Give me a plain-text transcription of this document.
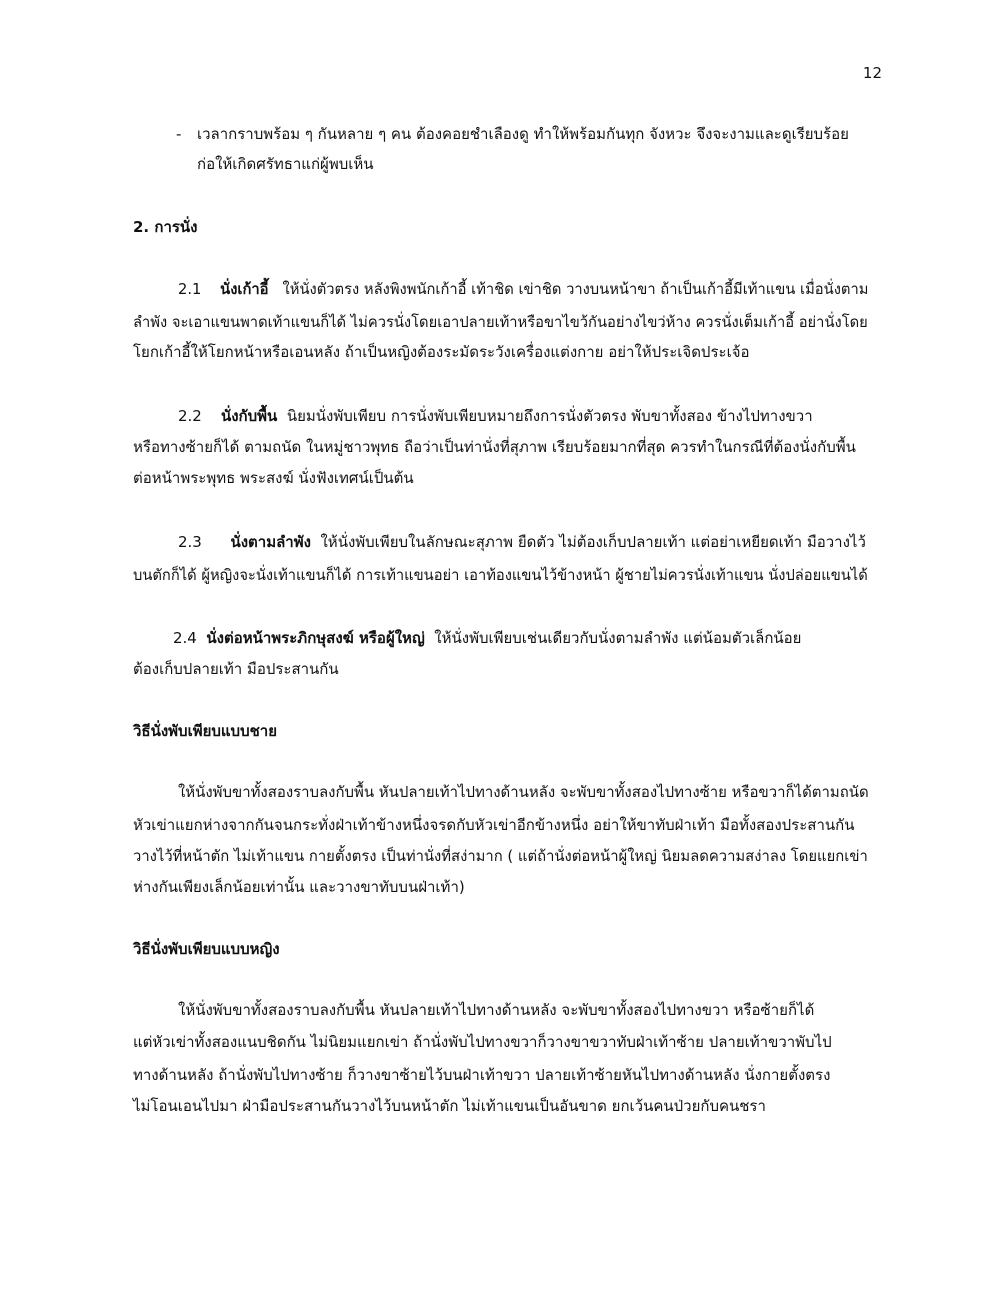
12
- เวลากราบพร้อม ๆ กันหลาย ๆ คน ต้องคอยชำเลืองดู ทำให้พร้อมกันทุก จังหวะ จึงจะงามและดูเรียบร้อย
ก่อให้เกิดศรัทธาแก่ผู้พบเห็น
2. การนั่ง
2.1 นั่งเก้าอี้ ให้นั่งตัวตรง หลังพิงพนักเก้าอี้ เท้าชิด เข่าชิด วางบนหน้าขา ถ้าเป็นเก้าอี้มีเท้าแขน เมื่อนั่งตาม
ลำพัง จะเอาแขนพาดเท้าแขนก็ได้ ไม่ควรนั่งโดยเอาปลายเท้าหรือขาไขว้กันอย่างไขว่ห้าง ควรนั่งเต็มเก้าอี้ อย่านั่งโดย
โยกเก้าอี้ให้โยกหน้าหรือเอนหลัง ถ้าเป็นหญิงต้องระมัดระวังเครื่องแต่งกาย อย่าให้ประเจิดประเจ้อ
2.2 นั่งกับพื้น นิยมนั่งพับเพียบ การนั่งพับเพียบหมายถึงการนั่งตัวตรง พับขาทั้งสอง ข้างไปทางขวา
หรือทางซ้ายก็ได้ ตามถนัด ในหมู่ชาวพุทธ ถือว่าเป็นท่านั่งที่สุภาพ เรียบร้อยมากที่สุด ควรทำในกรณีที่ต้องนั่งกับพื้น
ต่อหน้าพระพุทธ พระสงฆ์ นั่งฟังเทศน์เป็นต้น
2.3 นั่งตามลำพัง ให้นั่งพับเพียบในลักษณะสุภาพ ยืดตัว ไม่ต้องเก็บปลายเท้า แต่อย่าเหยียดเท้า มือวางไว้
บนตักก็ได้ ผู้หญิงจะนั่งเท้าแขนก็ได้ การเท้าแขนอย่า เอาท้องแขนไว้ข้างหน้า ผู้ชายไม่ควรนั่งเท้าแขน นั่งปล่อยแขนได้
2.4 นั่งต่อหน้าพระภิกษุสงฆ์ หรือผู้ใหญ่ ให้นั่งพับเพียบเช่นเดียวกับนั่งตามลำพัง แต่น้อมตัวเล็กน้อย
ต้องเก็บปลายเท้า มือประสานกัน
วิธีนั่งพับเพียบแบบชาย
ให้นั่งพับขาทั้งสองราบลงกับพื้น หันปลายเท้าไปทางด้านหลัง จะพับขาทั้งสองไปทางซ้าย หรือขวาก็ได้ตามถนัด
หัวเข่าแยกห่างจากกันจนกระทั่งฝ่าเท้าข้างหนึ่งจรดกับหัวเข่าอีกข้างหนึ่ง อย่าให้ขาทับฝ่าเท้า มือทั้งสองประสานกัน
วางไว้ที่หน้าตัก ไม่เท้าแขน กายตั้งตรง เป็นท่านั่งที่สง่ามาก ( แต่ถ้านั่งต่อหน้าผู้ใหญ่ นิยมลดความสง่าลง โดยแยกเข่า
ห่างกันเพียงเล็กน้อยเท่านั้น และวางขาทับบนฝ่าเท้า)
วิธีนั่งพับเพียบแบบหญิง
ให้นั่งพับขาทั้งสองราบลงกับพื้น หันปลายเท้าไปทางด้านหลัง จะพับขาทั้งสองไปทางขวา หรือซ้ายก็ได้
แต่หัวเข่าทั้งสองแนบชิดกัน ไม่นิยมแยกเข่า ถ้านั่งพับไปทางขวาก็วางขาขวาทับฝ่าเท้าซ้าย ปลายเท้าขวาพับไป
ทางด้านหลัง ถ้านั่งพับไปทางซ้าย ก็วางขาซ้ายไว้บนฝ่าเท้าขวา ปลายเท้าซ้ายหันไปทางด้านหลัง นั่งกายตั้งตรง
ไม่โอนเอนไปมา ฝ่ามือประสานกันวางไว้บนหน้าตัก ไม่เท้าแขนเป็นอันขาด ยกเว้นคนป่วยกับคนชรา
